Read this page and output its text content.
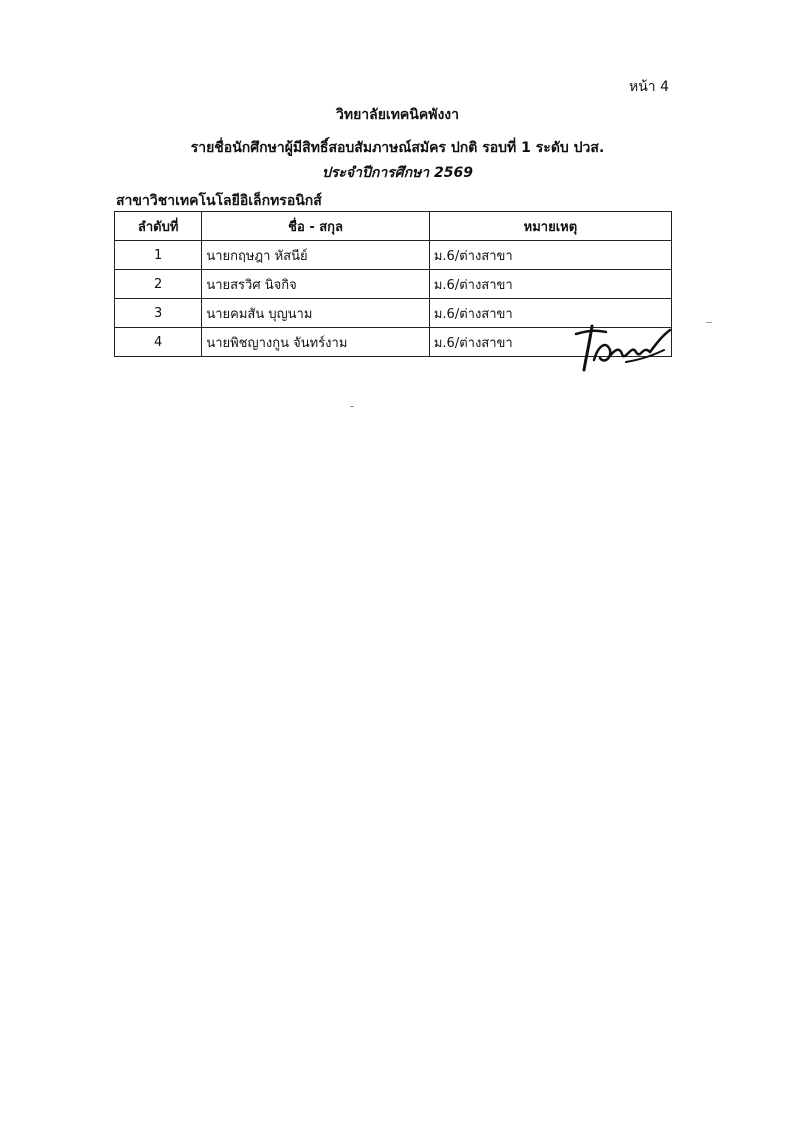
หน้า 4
วิทยาลัยเทคนิคพังงา
รายชื่อนักศึกษาผู้มีสิทธิ์สอบสัมภาษณ์สมัคร ปกติ รอบที่ 1 ระดับ ปวส.
ประจำปีการศึกษา 2569
สาขาวิชาเทคโนโลยีอิเล็กทรอนิกส์
ลำดับที่	ชื่อ - สกุล	หมายเหตุ
1	นายกฤษฎา หัสนีย์	ม.6/ต่างสาขา
2	นายสรวิศ นิจกิจ	ม.6/ต่างสาขา
3	นายคมสัน บุญนาม	ม.6/ต่างสาขา
4	นายพิชญางกูน จันทร์งาม	ม.6/ต่างสาขา
